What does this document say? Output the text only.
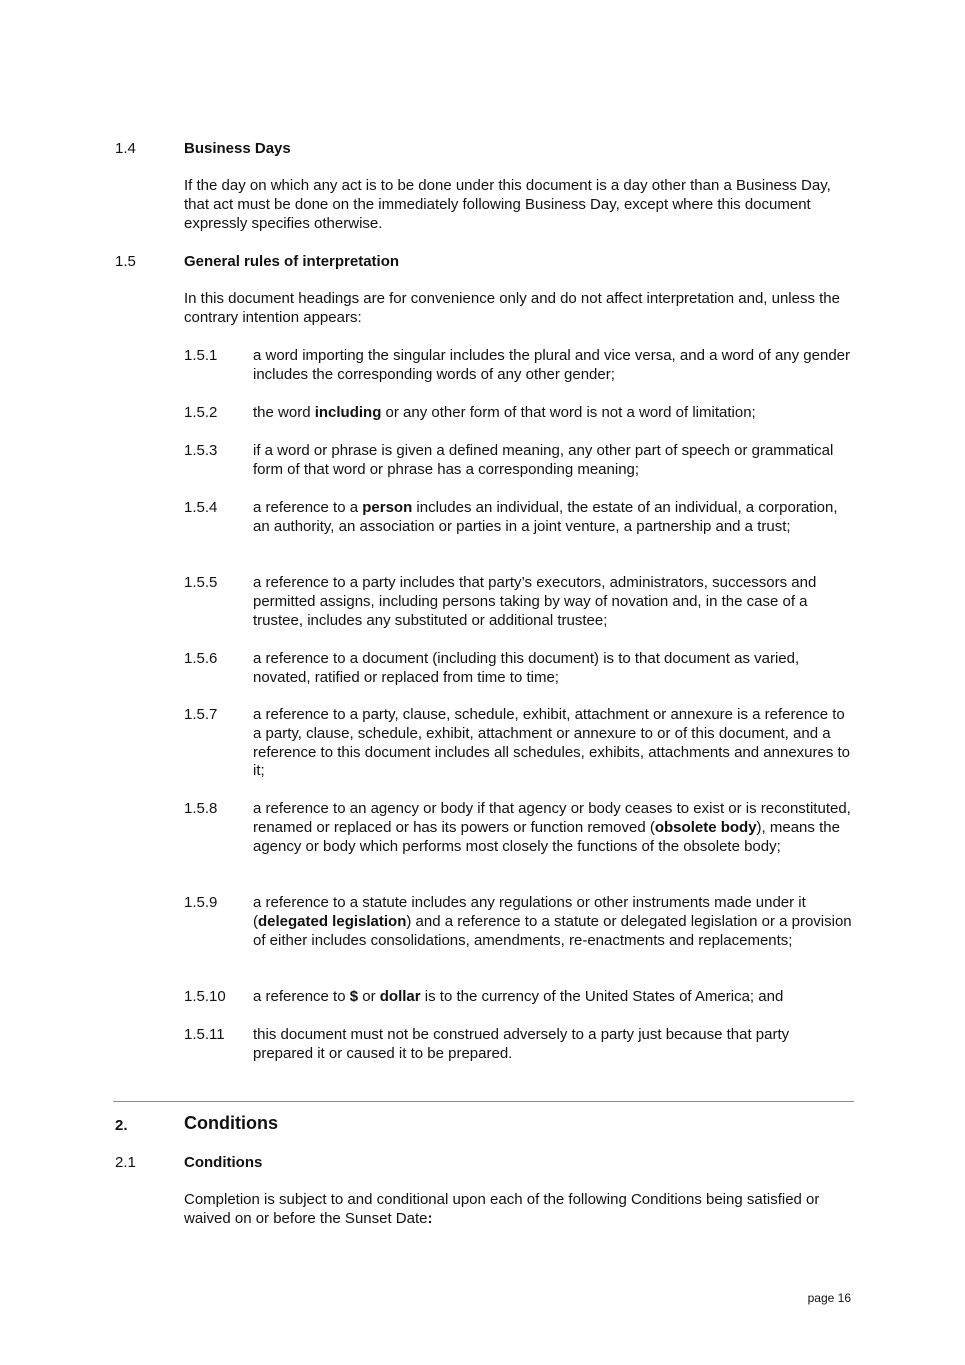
1.4	Business Days
If the day on which any act is to be done under this document is a day other than a Business Day, that act must be done on the immediately following Business Day, except where this document expressly specifies otherwise.
1.5	General rules of interpretation
In this document headings are for convenience only and do not affect interpretation and, unless the contrary intention appears:
1.5.1 a word importing the singular includes the plural and vice versa, and a word of any gender includes the corresponding words of any other gender;
1.5.2 the word including or any other form of that word is not a word of limitation;
1.5.3 if a word or phrase is given a defined meaning, any other part of speech or grammatical form of that word or phrase has a corresponding meaning;
1.5.4 a reference to a person includes an individual, the estate of an individual, a corporation, an authority, an association or parties in a joint venture, a partnership and a trust;
1.5.5 a reference to a party includes that party’s executors, administrators, successors and permitted assigns, including persons taking by way of novation and, in the case of a trustee, includes any substituted or additional trustee;
1.5.6 a reference to a document (including this document) is to that document as varied, novated, ratified or replaced from time to time;
1.5.7 a reference to a party, clause, schedule, exhibit, attachment or annexure is a reference to a party, clause, schedule, exhibit, attachment or annexure to or of this document, and a reference to this document includes all schedules, exhibits, attachments and annexures to it;
1.5.8 a reference to an agency or body if that agency or body ceases to exist or is reconstituted, renamed or replaced or has its powers or function removed (obsolete body), means the agency or body which performs most closely the functions of the obsolete body;
1.5.9 a reference to a statute includes any regulations or other instruments made under it (delegated legislation) and a reference to a statute or delegated legislation or a provision of either includes consolidations, amendments, re-enactments and replacements;
1.5.10 a reference to $ or dollar is to the currency of the United States of America; and
1.5.11 this document must not be construed adversely to a party just because that party prepared it or caused it to be prepared.
2.	Conditions
2.1	Conditions
Completion is subject to and conditional upon each of the following Conditions being satisfied or waived on or before the Sunset Date:
page 16
